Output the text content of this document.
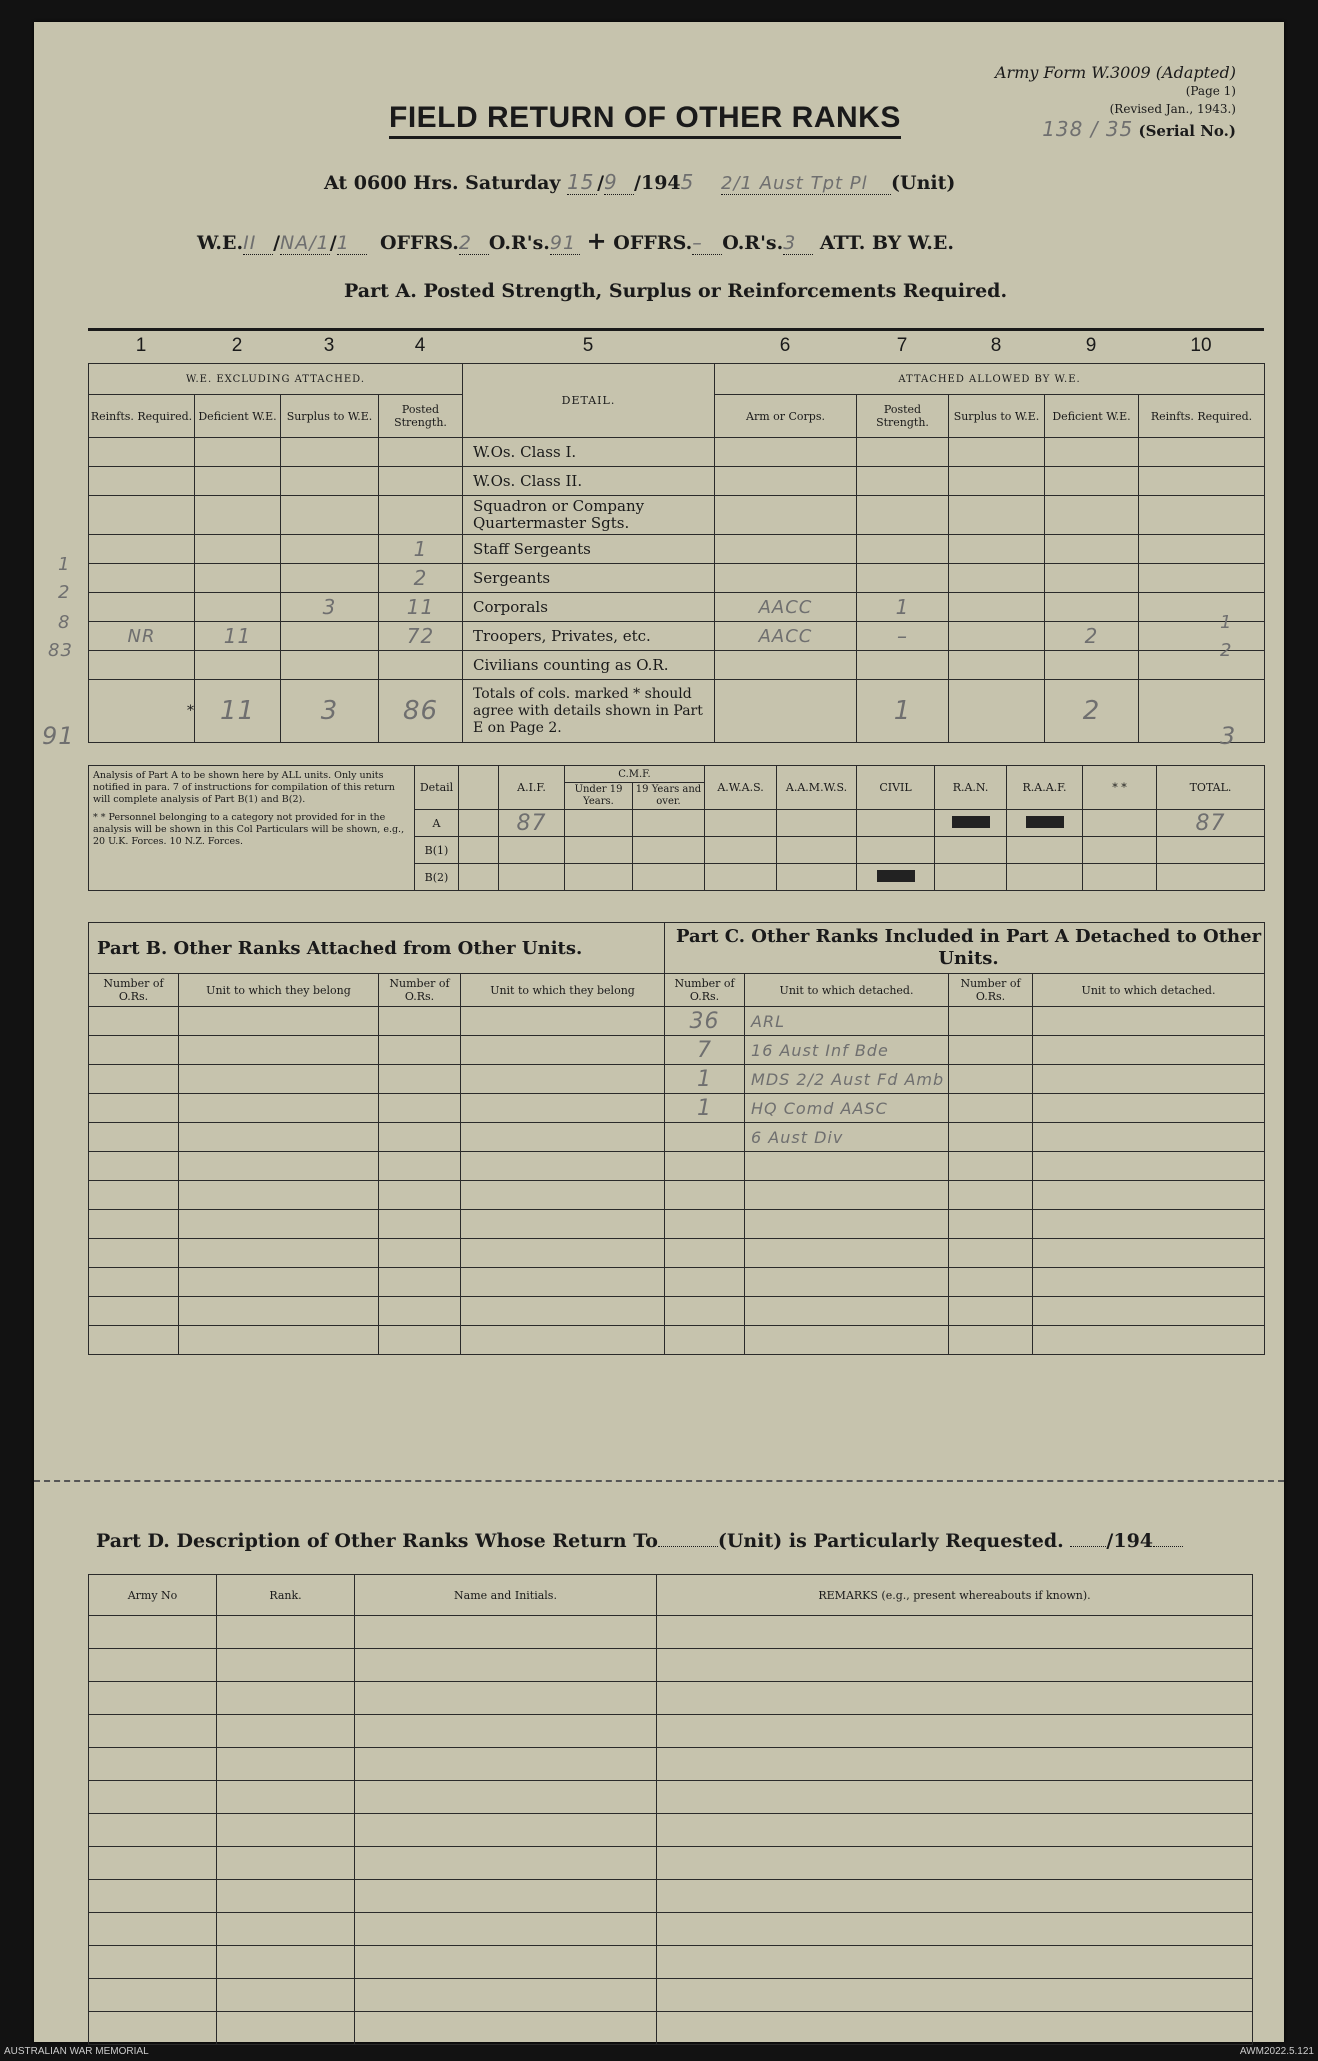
Army Form W.3009 (Adapted)
(Page 1)
(Revised Jan., 1943.)
138 / 35 (Serial No.)
FIELD RETURN OF OTHER RANKS
At 0600 Hrs. Saturday 15 /9 /1945 2/1 Aust Tpt Pl (Unit)
W.E.II /NA/1/1 OFFRS.2 O.R's.91 + OFFRS.– O.R's.3 ATT. BY W.E.
Part A. Posted Strength, Surplus or Reinforcements Required.
1	2	3	4	5	6	7	8	9	10
W.E. EXCLUDING ATTACHED.				DETAIL.	ATTACHED ALLOWED BY W.E.				
Reinfts. Required.	Deficient W.E.	Surplus to W.E.	Posted Strength.		Arm or Corps.	Posted Strength.	Surplus to W.E.	Deficient W.E.	Reinfts. Required.
				W.Os. Class I.					
				W.Os. Class II.					
				Squadron or Company Quartermaster Sgts.					
			1	Staff Sergeants					
			2	Sergeants					
		3	11	Corporals	AACC	1			
NR	11		72	Troopers, Privates, etc.	AACC	–		2	
				Civilians counting as O.R.					
*	11	3	86	Totals of cols. marked * should agree with details shown in Part E on Page 2.		1		2	
1
2
8
83
91
1
2
3
Analysis of Part A to be shown here by ALL units. Only units notified in para. 7 of instructions for compilation of this return will complete analysis of Part B(1) and B(2).
* * Personnel belonging to a category not provided for in the analysis will be shown in this Col Particulars will be shown, e.g., 20 U.K. Forces. 10 N.Z. Forces.	Detail		A.I.F.	C.M.F.		A.W.A.S.	A.A.M.W.S.	CIVIL	R.A.N.	R.A.A.F.	* *	TOTAL.
				Under 19 Years.	19 Years and over.							
	A		87									87
	B(1)											
	B(2)											
Part B. Other Ranks Attached from Other Units.				Part C. Other Ranks Included in Part A Detached to Other Units.			
Number of O.Rs.	Unit to which they belong	Number of O.Rs.	Unit to which they belong	Number of O.Rs.	Unit to which detached.	Number of O.Rs.	Unit to which detached.
				36	ARL		
				7	16 Aust Inf Bde		
				1	MDS 2/2 Aust Fd Amb		
				1	HQ Comd AASC		
					6 Aust Div		

Part D. Description of Other Ranks Whose Return To	(Unit) is Particularly Requested. /194
Army No	Rank.	Name and Initials.	REMARKS (e.g., present whereabouts if known).

AUSTRALIAN WAR MEMORIAL	AWM2022.5.121
